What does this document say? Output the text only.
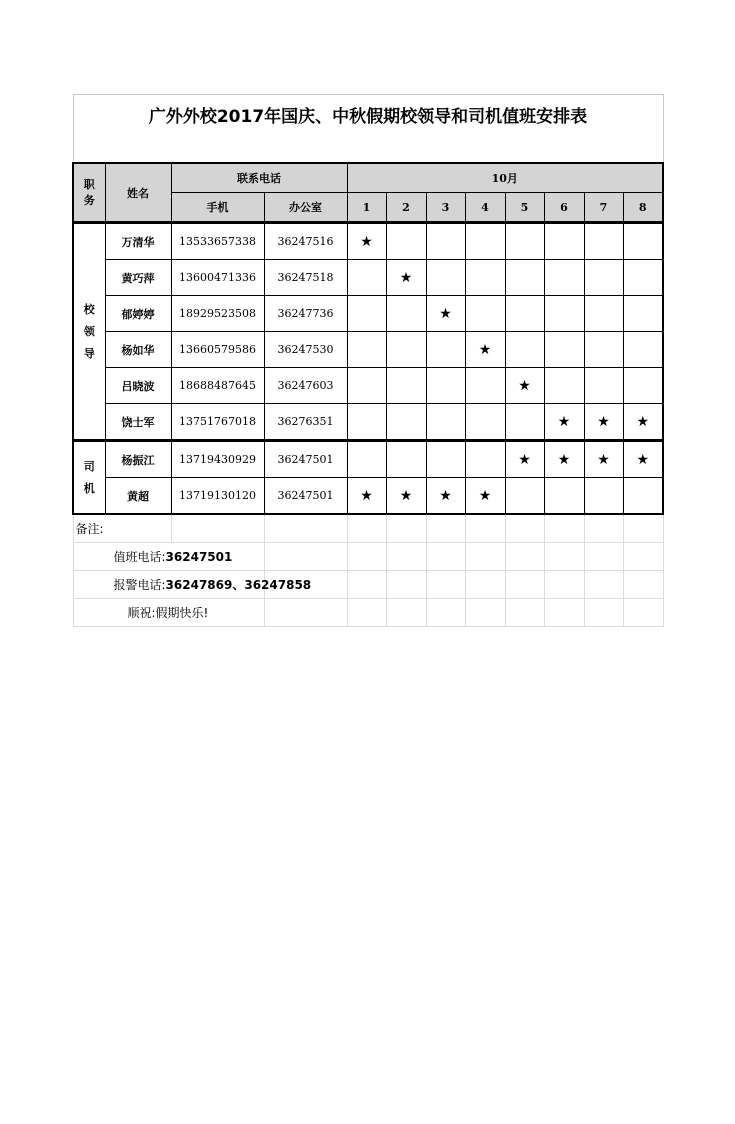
广外外校2017年国庆、中秋假期校领导和司机值班安排表											
职
务	姓名	联系电话		10月							
		手机	办公室	1	2	3	4	5	6	7	8
校
领
导	万清华	13533657338	36247516	★							
	黄巧萍	13600471336	36247518		★						
	郁婷婷	18929523508	36247736			★					
	杨如华	13660579586	36247530				★				
	吕晓波	18688487645	36247603					★			
	饶士军	13751767018	36276351						★	★	★
司
机	杨振江	13719430929	36247501					★	★	★	★
	黄超	13719130120	36247501	★	★	★	★				
备注:											
值班电话:36247501											
报警电话:36247869、36247858											
顺祝:假期快乐!											
